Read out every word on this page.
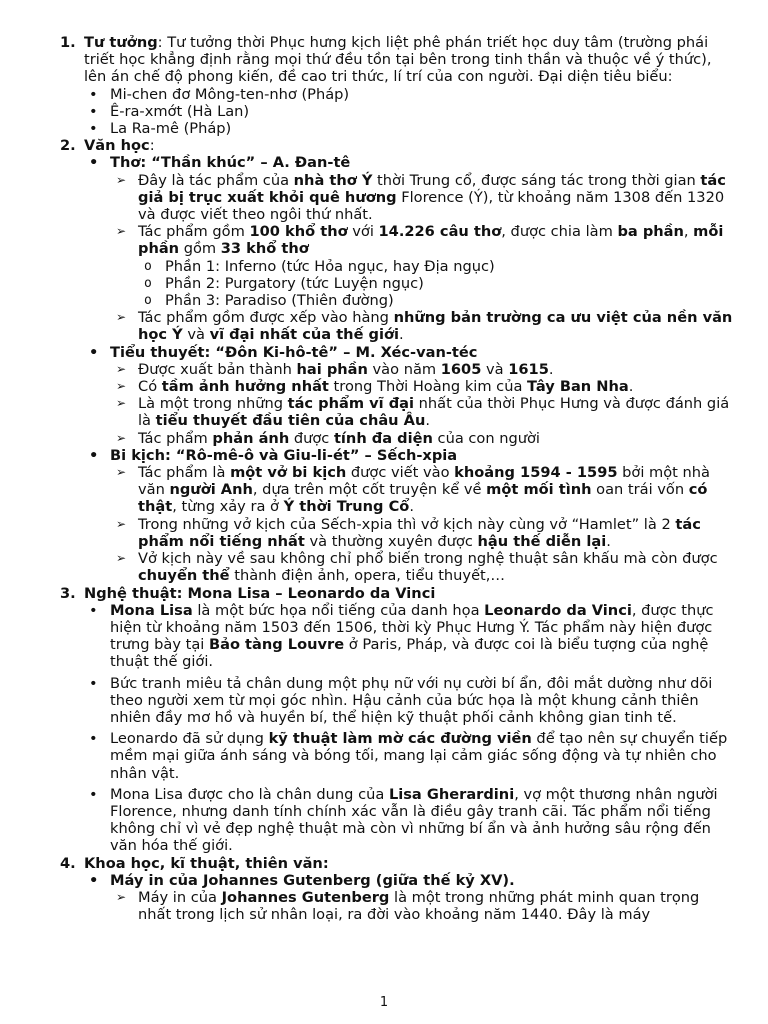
1. Tư tưởng: Tư tưởng thời Phục hưng kịch liệt phê phán triết học duy tâm (trường phái triết học khẳng định rằng mọi thứ đều tồn tại bên trong tinh thần và thuộc về ý thức), lên án chế độ phong kiến, đề cao tri thức, lí trí của con người. Đại diện tiêu biểu:
• Mi-chen đơ Mông-ten-nhơ (Pháp)
• Ê-ra-xmớt (Hà Lan)
• La Ra-mê (Pháp)
2. Văn học:
• Thơ: “Thần khúc” – A. Đan-tê
➢ Đây là tác phẩm của nhà thơ Ý thời Trung cổ, được sáng tác trong thời gian tác giả bị trục xuất khỏi quê hương Florence (Ý), từ khoảng năm 1308 đến 1320 và được viết theo ngôi thứ nhất.
➢ Tác phẩm gồm 100 khổ thơ với 14.226 câu thơ, được chia làm ba phần, mỗi phần gồm 33 khổ thơ
o Phần 1: Inferno (tức Hỏa ngục, hay Địa ngục)
o Phần 2: Purgatory (tức Luyện ngục)
o Phần 3: Paradiso (Thiên đường)
➢ Tác phẩm gồm được xếp vào hàng những bản trường ca ưu việt của nền văn học Ý và vĩ đại nhất của thế giới.
• Tiểu thuyết: “Đôn Ki-hô-tê” – M. Xéc-van-téc
➢ Được xuất bản thành hai phần vào năm 1605 và 1615.
➢ Có tầm ảnh hưởng nhất trong Thời Hoàng kim của Tây Ban Nha.
➢ Là một trong những tác phẩm vĩ đại nhất của thời Phục Hưng và được đánh giá là tiểu thuyết đầu tiên của châu Âu.
➢ Tác phẩm phản ánh được tính đa diện của con người
• Bi kịch: “Rô-mê-ô và Giu-li-ét” – Sếch-xpia
➢ Tác phẩm là một vở bi kịch được viết vào khoảng 1594 - 1595 bởi một nhà văn người Anh, dựa trên một cốt truyện kể về một mối tình oan trái vốn có thật, từng xảy ra ở Ý thời Trung Cổ.
➢ Trong những vở kịch của Sếch-xpia thì vở kịch này cùng vở “Hamlet” là 2 tác phẩm nổi tiếng nhất và thường xuyên được hậu thế diễn lại.
➢ Vở kịch này về sau không chỉ phổ biến trong nghệ thuật sân khấu mà còn được chuyển thể thành điện ảnh, opera, tiểu thuyết,…
3. Nghệ thuật: Mona Lisa – Leonardo da Vinci
• Mona Lisa là một bức họa nổi tiếng của danh họa Leonardo da Vinci, được thực hiện từ khoảng năm 1503 đến 1506, thời kỳ Phục Hưng Ý. Tác phẩm này hiện được trưng bày tại Bảo tàng Louvre ở Paris, Pháp, và được coi là biểu tượng của nghệ thuật thế giới.
• Bức tranh miêu tả chân dung một phụ nữ với nụ cười bí ẩn, đôi mắt dường như dõi theo người xem từ mọi góc nhìn. Hậu cảnh của bức họa là một khung cảnh thiên nhiên đầy mơ hồ và huyền bí, thể hiện kỹ thuật phối cảnh không gian tinh tế.
• Leonardo đã sử dụng kỹ thuật làm mờ các đường viền để tạo nên sự chuyển tiếp mềm mại giữa ánh sáng và bóng tối, mang lại cảm giác sống động và tự nhiên cho nhân vật.
• Mona Lisa được cho là chân dung của Lisa Gherardini, vợ một thương nhân người Florence, nhưng danh tính chính xác vẫn là điều gây tranh cãi. Tác phẩm nổi tiếng không chỉ vì vẻ đẹp nghệ thuật mà còn vì những bí ẩn và ảnh hưởng sâu rộng đến văn hóa thế giới.
4. Khoa học, kĩ thuật, thiên văn:
• Máy in của Johannes Gutenberg (giữa thế kỷ XV).
➢ Máy in của Johannes Gutenberg là một trong những phát minh quan trọng nhất trong lịch sử nhân loại, ra đời vào khoảng năm 1440. Đây là máy
1
